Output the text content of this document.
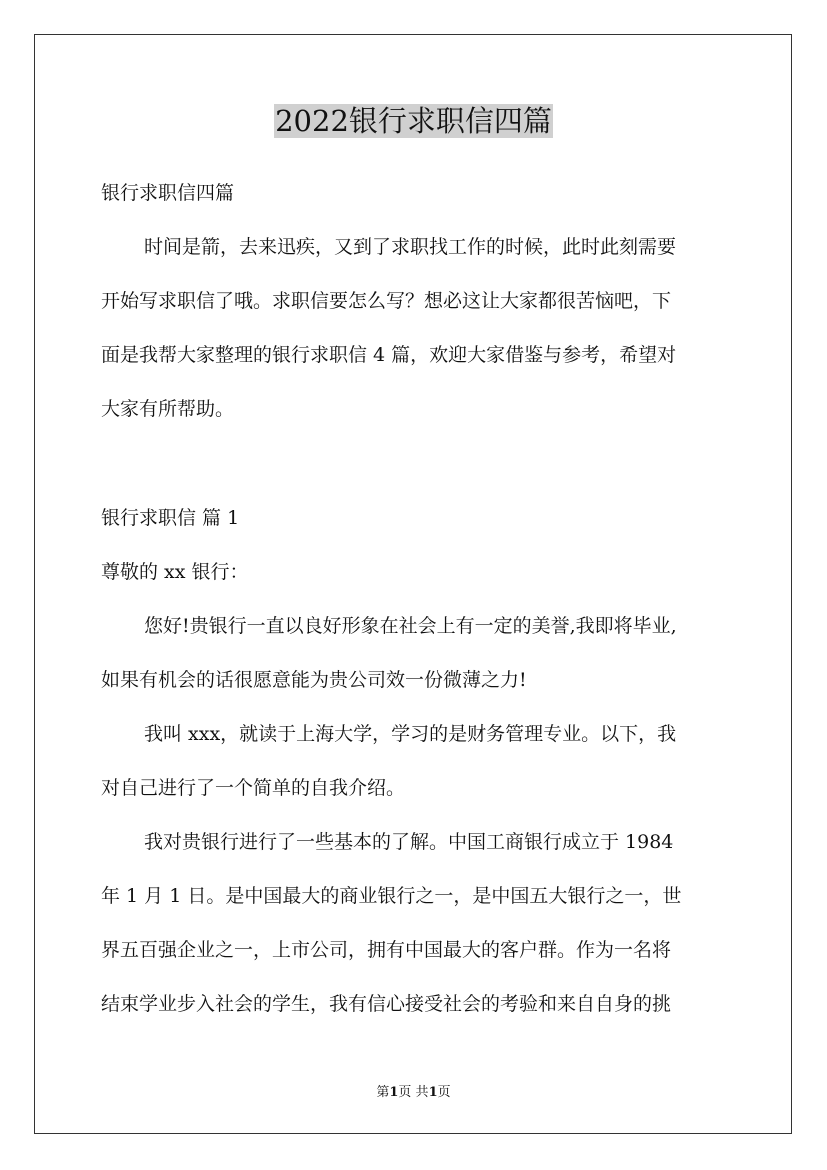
2022银行求职信四篇
银行求职信四篇
时间是箭，去来迅疾，又到了求职找工作的时候，此时此刻需要
开始写求职信了哦。求职信要怎么写？想必这让大家都很苦恼吧，下
面是我帮大家整理的银行求职信 4 篇，欢迎大家借鉴与参考，希望对
大家有所帮助。
银行求职信 篇 1
尊敬的 xx 银行：
您好!贵银行一直以良好形象在社会上有一定的美誉,我即将毕业,
如果有机会的话很愿意能为贵公司效一份微薄之力!
我叫 xxx，就读于上海大学，学习的是财务管理专业。以下，我
对自己进行了一个简单的自我介绍。
我对贵银行进行了一些基本的了解。中国工商银行成立于 1984
年 1 月 1 日。是中国最大的商业银行之一，是中国五大银行之一，世
界五百强企业之一，上市公司，拥有中国最大的客户群。作为一名将
结束学业步入社会的学生，我有信心接受社会的考验和来自自身的挑
第1页 共1页
